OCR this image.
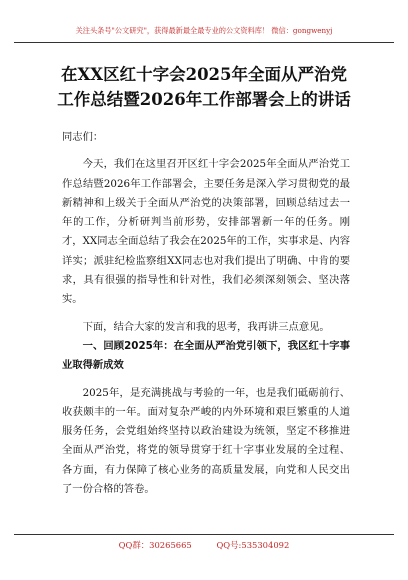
关注头条号"公文研究"，获得最新最全最专业的公文资料库！ 微信：gongwenyj
在XX区红十字会2025年全面从严治党
工作总结暨2026年工作部署会上的讲话

同志们：

今天，我们在这里召开区红十字会2025年全面从严治党工作总结暨2026年工作部署会，主要任务是深入学习贯彻党的最新精神和上级关于全面从严治党的决策部署，回顾总结过去一年的工作，分析研判当前形势，安排部署新一年的任务。刚才，XX同志全面总结了我会在2025年的工作，实事求是、内容详实；派驻纪检监察组XX同志也对我们提出了明确、中肯的要求，具有很强的指导性和针对性，我们必须深刻领会、坚决落实。

下面，结合大家的发言和我的思考，我再讲三点意见。

一、回顾2025年：在全面从严治党引领下，我区红十字事业取得新成效

2025年，是充满挑战与考验的一年，也是我们砥砺前行、收获颇丰的一年。面对复杂严峻的内外环境和艰巨繁重的人道服务任务，会党组始终坚持以政治建设为统领，坚定不移推进全面从严治党，将党的领导贯穿于红十字事业发展的全过程、各方面，有力保障了核心业务的高质量发展，向党和人民交出了一份合格的答卷。

QQ群：30265665	QQ号:535304092
